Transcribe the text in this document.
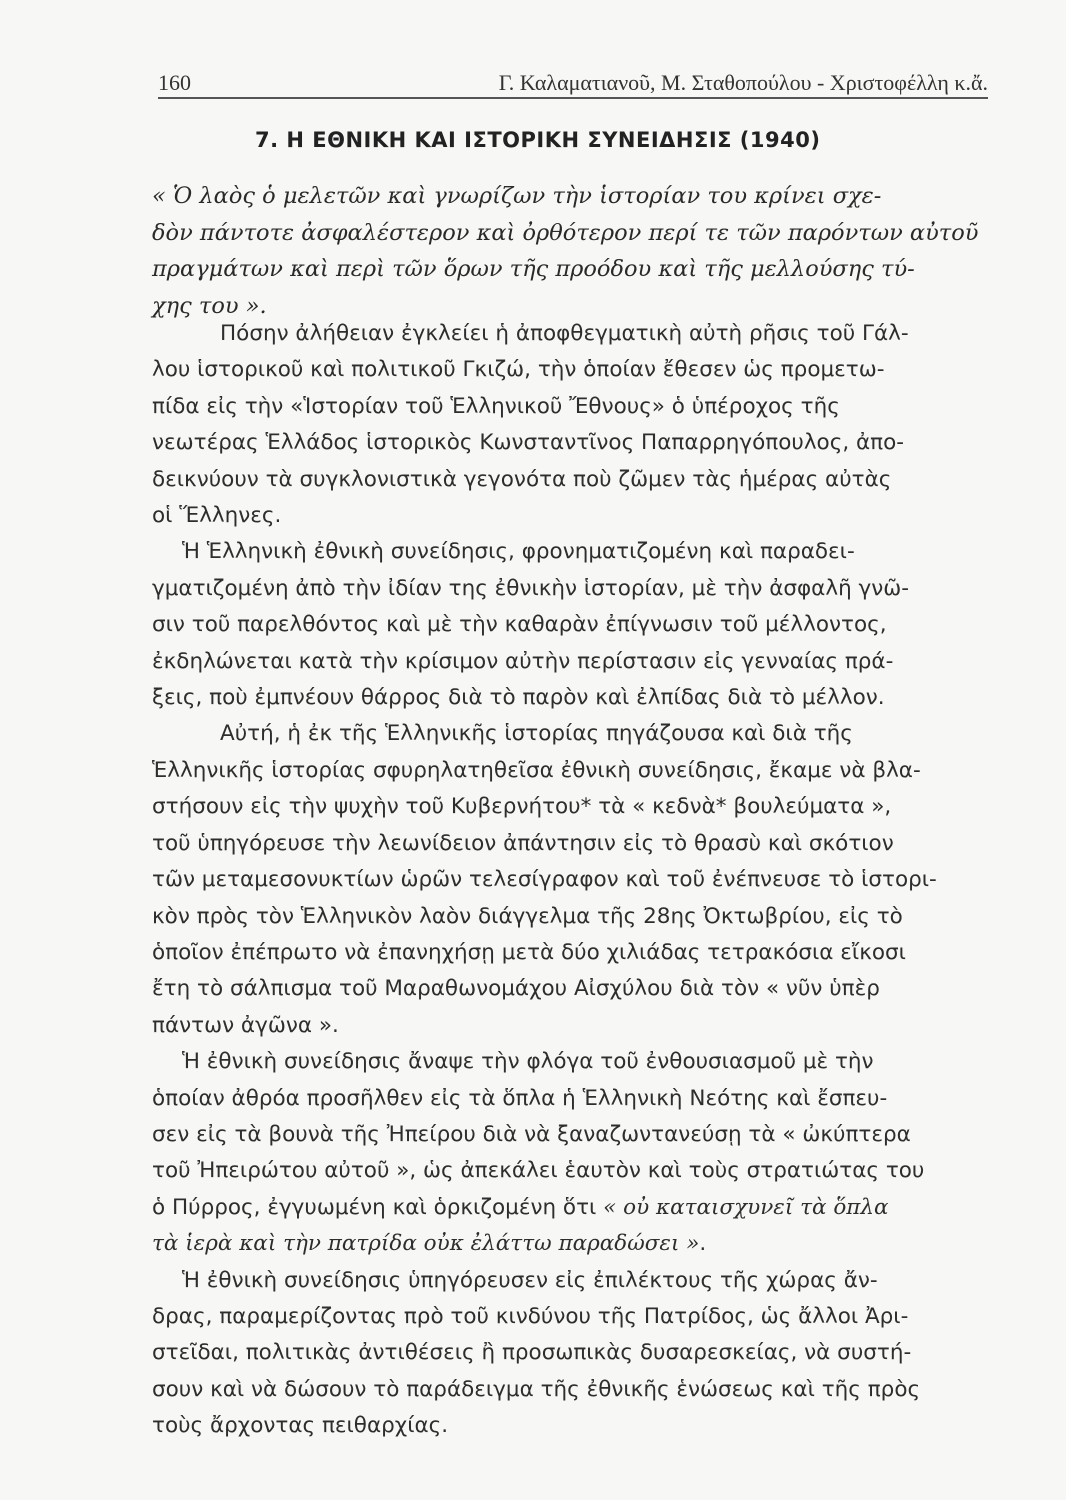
160	Γ. Καλαματιανοῦ, Μ. Σταθοπούλου - Χριστοφέλλη κ.ἄ.
7. Η ΕΘΝΙΚΗ ΚΑΙ ΙΣΤΟΡΙΚΗ ΣΥΝΕΙΔΗΣΙΣ (1940)
« Ὁ λαὸς ὁ μελετῶν καὶ γνωρίζων τὴν ἱστορίαν του κρίνει σχε-
δὸν πάντοτε ἀσφαλέστερον καὶ ὀρθότερον περί τε τῶν παρόντων αὐτοῦ
πραγμάτων καὶ περὶ τῶν ὅρων τῆς προόδου καὶ τῆς μελλούσης τύ-
χης του ».

Πόσην ἀλήθειαν ἐγκλείει ἡ ἀποφθεγματικὴ αὐτὴ ρῆσις τοῦ Γάλ-
λου ἱστορικοῦ καὶ πολιτικοῦ Γκιζώ, τὴν ὁποίαν ἔθεσεν ὡς προμετω-
πίδα εἰς τὴν «Ἱστορίαν τοῦ Ἑλληνικοῦ Ἔθνους» ὁ ὑπέροχος τῆς
νεωτέρας Ἑλλάδος ἱστορικὸς Κωνσταντῖνος Παπαρρηγόπουλος, ἀπο-
δεικνύουν τὰ συγκλονιστικὰ γεγονότα ποὺ ζῶμεν τὰς ἡμέρας αὐτὰς
οἱ Ἕλληνες.

Ἡ Ἑλληνικὴ ἐθνικὴ συνείδησις, φρονηματιζομένη καὶ παραδει-
γματιζομένη ἀπὸ τὴν ἰδίαν της ἐθνικὴν ἱστορίαν, μὲ τὴν ἀσφαλῆ γνῶ-
σιν τοῦ παρελθόντος καὶ μὲ τὴν καθαρὰν ἐπίγνωσιν τοῦ μέλλοντος,
ἐκδηλώνεται κατὰ τὴν κρίσιμον αὐτὴν περίστασιν εἰς γενναίας πρά-
ξεις, ποὺ ἐμπνέουν θάρρος διὰ τὸ παρὸν καὶ ἐλπίδας διὰ τὸ μέλλον.

Αὐτή, ἡ ἐκ τῆς Ἑλληνικῆς ἱστορίας πηγάζουσα καὶ διὰ τῆς
Ἑλληνικῆς ἱστορίας σφυρηλατηθεῖσα ἐθνικὴ συνείδησις, ἔκαμε νὰ βλα-
στήσουν εἰς τὴν ψυχὴν τοῦ Κυβερνήτου* τὰ « κεδνὰ* βουλεύματα »,
τοῦ ὑπηγόρευσε τὴν λεωνίδειον ἀπάντησιν εἰς τὸ θρασὺ καὶ σκότιον
τῶν μεταμεσονυκτίων ὡρῶν τελεσίγραφον καὶ τοῦ ἐνέπνευσε τὸ ἱστορι-
κὸν πρὸς τὸν Ἑλληνικὸν λαὸν διάγγελμα τῆς 28ης Ὀκτωβρίου, εἰς τὸ
ὁποῖον ἐπέπρωτο νὰ ἐπανηχήσῃ μετὰ δύο χιλιάδας τετρακόσια εἴκοσι
ἔτη τὸ σάλπισμα τοῦ Μαραθωνομάχου Αἰσχύλου διὰ τὸν « νῦν ὑπὲρ
πάντων ἀγῶνα ».

Ἡ ἐθνικὴ συνείδησις ἄναψε τὴν φλόγα τοῦ ἐνθουσιασμοῦ μὲ τὴν
ὁποίαν ἀθρόα προσῆλθεν εἰς τὰ ὅπλα ἡ Ἑλληνικὴ Νεότης καὶ ἔσπευ-
σεν εἰς τὰ βουνὰ τῆς Ἠπείρου διὰ νὰ ξαναζωντανεύσῃ τὰ « ὠκύπτερα
τοῦ Ἠπειρώτου αὐτοῦ », ὡς ἀπεκάλει ἑαυτὸν καὶ τοὺς στρατιώτας του
ὁ Πύρρος, ἐγγυωμένη καὶ ὁρκιζομένη ὅτι « οὐ καταισχυνεῖ τὰ ὅπλα
τὰ ἱερὰ καὶ τὴν πατρίδα οὐκ ἐλάττω παραδώσει ».

Ἡ ἐθνικὴ συνείδησις ὑπηγόρευσεν εἰς ἐπιλέκτους τῆς χώρας ἄν-
δρας, παραμερίζοντας πρὸ τοῦ κινδύνου τῆς Πατρίδος, ὡς ἄλλοι Ἀρι-
στεῖδαι, πολιτικὰς ἀντιθέσεις ἢ προσωπικὰς δυσαρεσκείας, νὰ συστή-
σουν καὶ νὰ δώσουν τὸ παράδειγμα τῆς ἐθνικῆς ἑνώσεως καὶ τῆς πρὸς
τοὺς ἄρχοντας πειθαρχίας.
